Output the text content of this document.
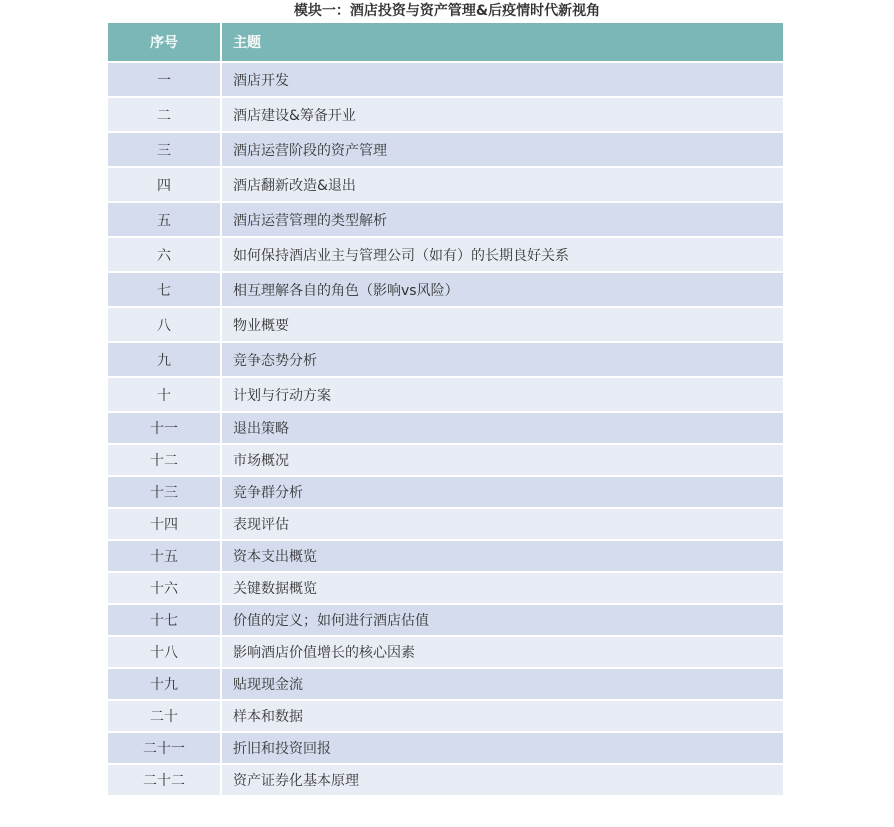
模块一：酒店投资与资产管理&后疫情时代新视角
序号	主题
一	酒店开发
二	酒店建设&筹备开业
三	酒店运营阶段的资产管理
四	酒店翻新改造&退出
五	酒店运营管理的类型解析
六	如何保持酒店业主与管理公司（如有）的长期良好关系
七	相互理解各自的角色（影响vs风险）
八	物业概要
九	竞争态势分析
十	计划与行动方案
十一	退出策略
十二	市场概况
十三	竞争群分析
十四	表现评估
十五	资本支出概览
十六	关键数据概览
十七	价值的定义；如何进行酒店估值
十八	影响酒店价值增长的核心因素
十九	贴现现金流
二十	样本和数据
二十一	折旧和投资回报
二十二	资产证券化基本原理
